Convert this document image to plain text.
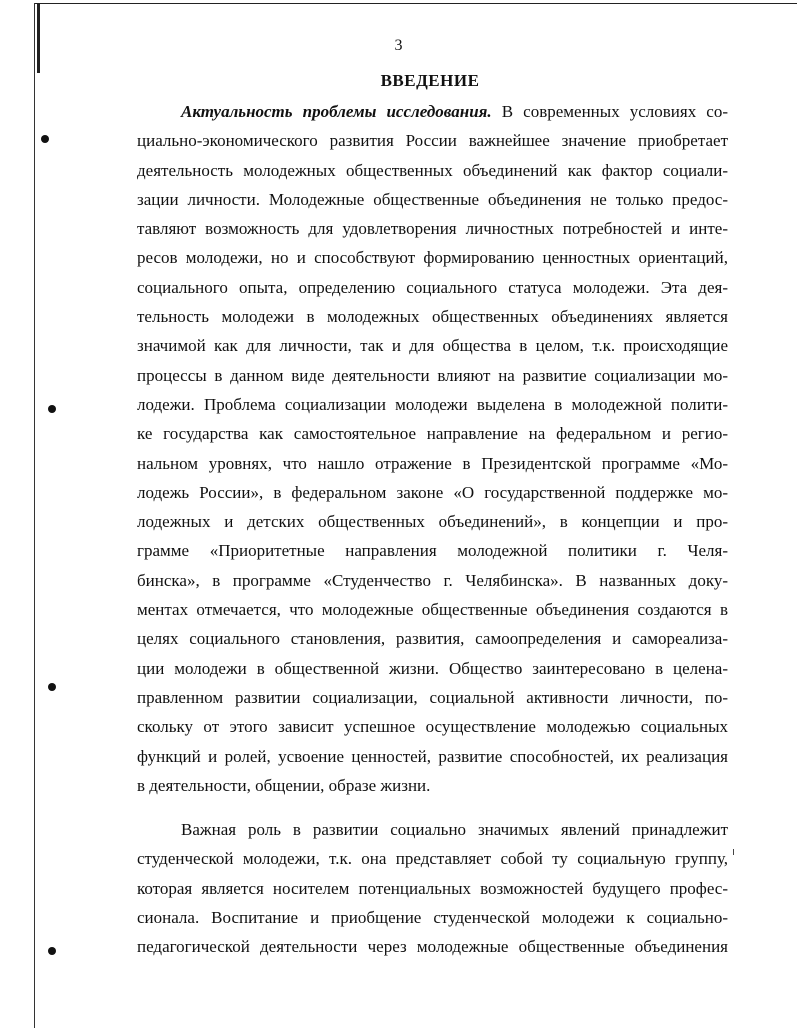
3
ВВЕДЕНИЕ
Актуальность проблемы исследования. В современных условиях со-
циально-экономического развития России важнейшее значение приобретает
деятельность молодежных общественных объединений как фактор социали-
зации личности. Молодежные общественные объединения не только предос-
тавляют возможность для удовлетворения личностных потребностей и инте-
ресов молодежи, но и способствуют формированию ценностных ориентаций,
социального опыта, определению социального статуса молодежи. Эта дея-
тельность молодежи в молодежных общественных объединениях является
значимой как для личности, так и для общества в целом, т.к. происходящие
процессы в данном виде деятельности влияют на развитие социализации мо-
лодежи. Проблема социализации молодежи выделена в молодежной полити-
ке государства как самостоятельное направление на федеральном и регио-
нальном уровнях, что нашло отражение в Президентской программе «Мо-
лодежь России», в федеральном законе «О государственной поддержке мо-
лодежных и детских общественных объединений», в концепции и про-
грамме «Приоритетные направления молодежной политики г. Челя-
бинска», в программе «Студенчество г. Челябинска». В названных доку-
ментах отмечается, что молодежные общественные объединения создаются в
целях социального становления, развития, самоопределения и самореализа-
ции молодежи в общественной жизни. Общество заинтересовано в целена-
правленном развитии социализации, социальной активности личности, по-
скольку от этого зависит успешное осуществление молодежью социальных
функций и ролей, усвоение ценностей, развитие способностей, их реализация
в деятельности, общении, образе жизни.
Важная роль в развитии социально значимых явлений принадлежит
студенческой молодежи, т.к. она представляет собой ту социальную группу,
которая является носителем потенциальных возможностей будущего профес-
сионала. Воспитание и приобщение студенческой молодежи к социально-
педагогической деятельности через молодежные общественные объединения
